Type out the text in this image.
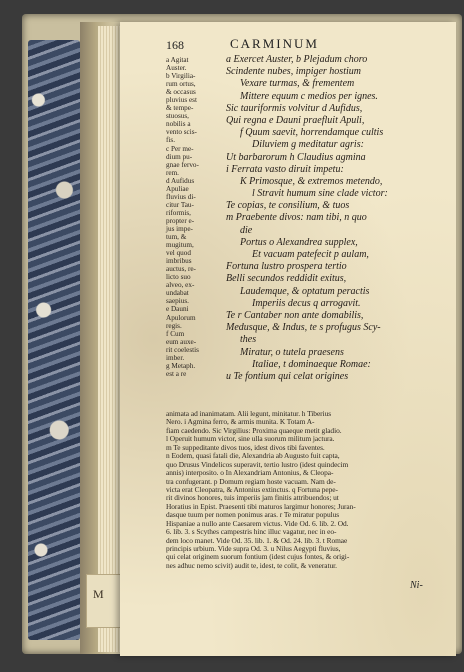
M
168	CARMINUM
a Agitat
Auster.
b Virgilia-
rum ortus,
& occasus
pluvius est
& tempe-
stuosus,
nobilis a
vento scis-
fis.
c Per me-
dium pu-
gnae fervo-
rem.
d Aufidus
Apuliae
fluvius di-
citur Tau-
riformis,
propter e-
jus impe-
tum, &
mugitum,
vel quod
imbribus
auctus, re-
licto suo
alveo, ex-
undabat
saepius.
e Dauni
Apulorum
regis.
f Cum
eum auxe-
rit coelestis
imber.
g Metaph.
est a re
a Exercet Auster, b Plejadum choro
Scindente nubes, impiger hostium
Vexare turmas, & frementem
Mittere equum c medios per ignes.
Sic tauriformis volvitur d Aufidus,
Qui regna e Dauni praefluit Apuli,
f Quum saevit, horrendamque cultis
Diluviem g meditatur agris:
Ut barbarorum h Claudius agmina
i Ferrata vasto diruit impetu:
K Primosque, & extremos metendo,
l Stravit humum sine clade victor:
Te copias, te consilium, & tuos
m Praebente divos: nam tibi, n quo
die
Portus o Alexandrea supplex,
Et vacuam patefecit p aulam,
Fortuna lustro prospera tertio
Belli secundos reddidit exitus,
Laudemque, & optatum peractis
Imperiis decus q arrogavit.
Te r Cantaber non ante domabilis,
Medusque, & Indus, te s profugus Scy-
thes
Miratur, o tutela praesens
Italiae, t dominaeque Romae:
u Te fontium qui celat origines
animata ad inanimatam. Alii legunt, minitatur. h Tiberius
Nero. i Agmina ferro, & armis munita. K Totam A-
fiam caedendo. Sic Virgilius: Proxima quaeque metit gladio.
l Operuit humum victor, sine ulla suorum militum jactura.
m Te suppeditante divos tuos, idest divos tibi faventes.
n Eodem, quasi fatali die, Alexandria ab Augusto fuit capta,
quo Drusus Vindelicos superavit, tertio lustro (idest quindecim
annis) interposito. o In Alexandriam Antonius, & Cleopa-
tra confugerant. p Domum regiam hoste vacuam. Nam de-
victa erat Cleopatra, & Antonius extinctus. q Fortuna pepe-
rit divinos honores, tuis imperiis jam finitis attribuendos; ut
Horatius in Epist. Praesenti tibi maturos largimur honores; Juran-
dasque tuum per nomen ponimus aras. r Te miratur populus
Hispaniae a nullo ante Caesarem victus. Vide Od. 6. lib. 2. Od.
6. lib. 3. s Scythes campestris hinc illuc vagatur, nec in eo-
dem loco manet. Vide Od. 35. lib. 1. & Od. 24. lib. 3. t Romae
principis urbium. Vide supra Od. 3. u Nilus Aegypti fluvius,
qui celat originem suorum fontium (idest cujus fontes, & origi-
nes adhuc nemo scivit) audit te, idest, te colit, & veneratur.
Ni-
